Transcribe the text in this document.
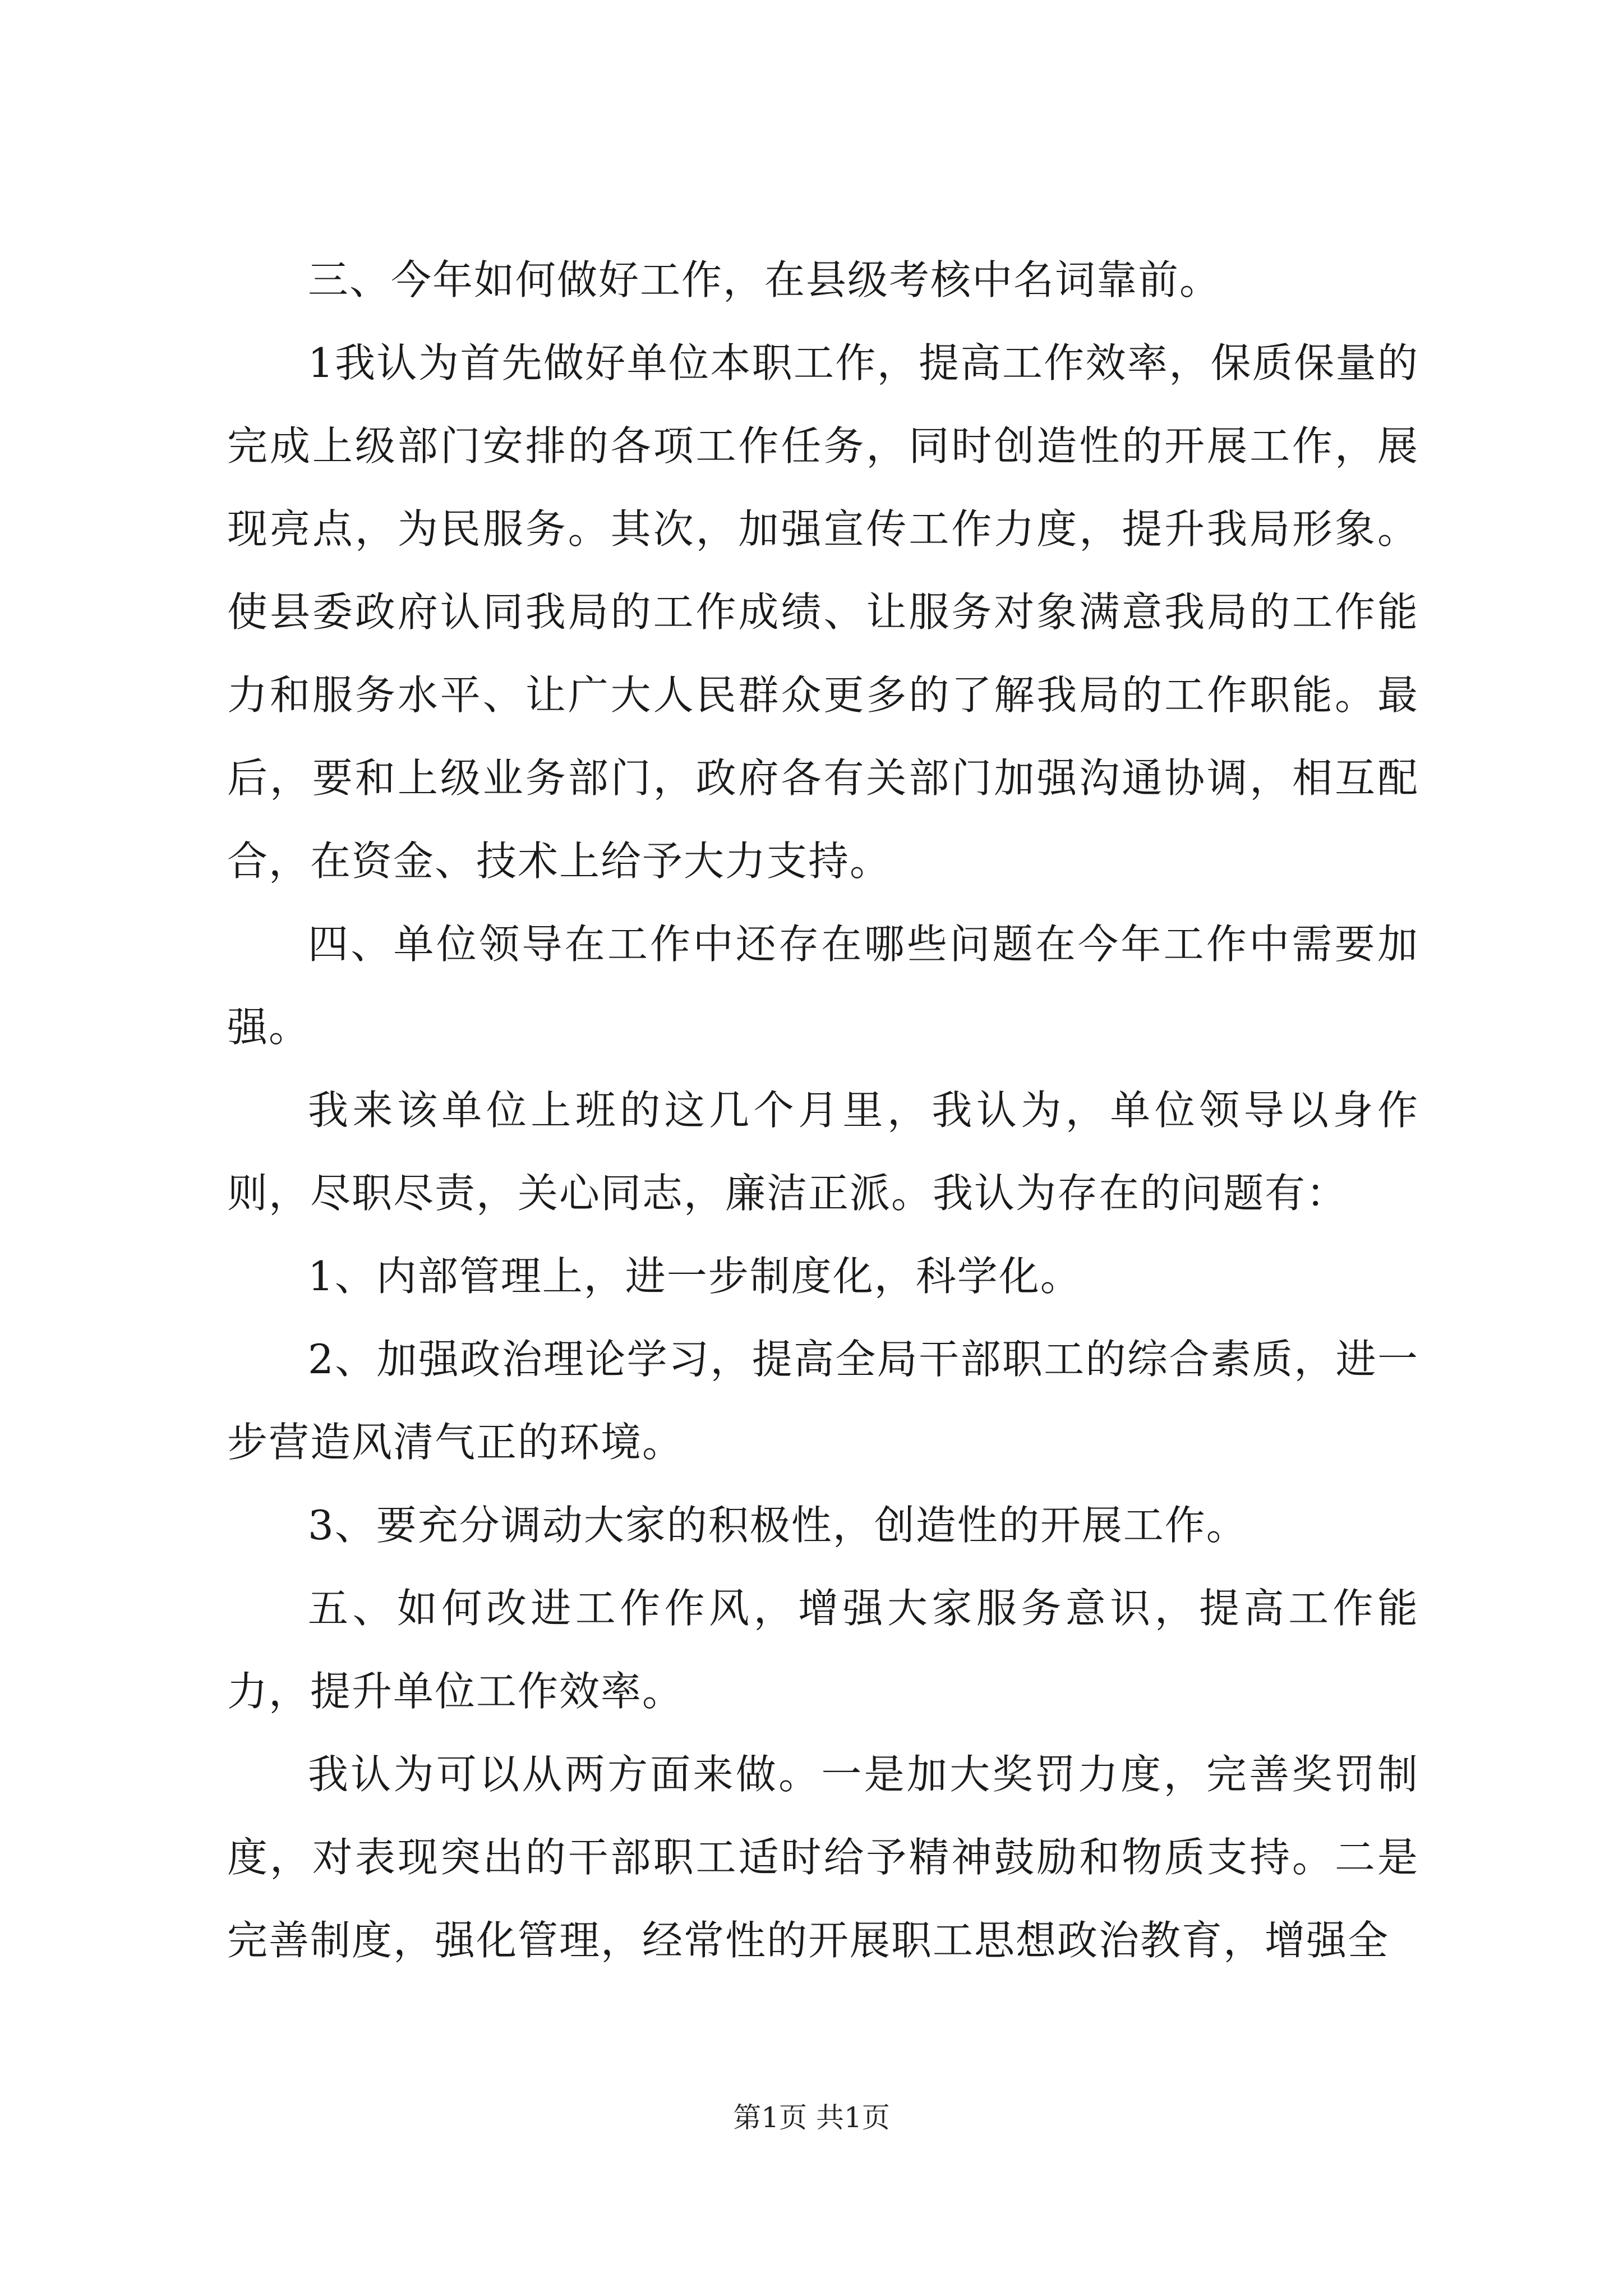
三、今年如何做好工作，在县级考核中名词靠前。

1我认为首先做好单位本职工作，提高工作效率，保质保量的完成上级部门安排的各项工作任务，同时创造性的开展工作，展现亮点，为民服务。其次，加强宣传工作力度，提升我局形象。使县委政府认同我局的工作成绩、让服务对象满意我局的工作能力和服务水平、让广大人民群众更多的了解我局的工作职能。最后，要和上级业务部门，政府各有关部门加强沟通协调，相互配合，在资金、技术上给予大力支持。

四、单位领导在工作中还存在哪些问题在今年工作中需要加强。

我来该单位上班的这几个月里，我认为，单位领导以身作则，尽职尽责，关心同志，廉洁正派。我认为存在的问题有：

1、内部管理上，进一步制度化，科学化。

2、加强政治理论学习，提高全局干部职工的综合素质，进一步营造风清气正的环境。

3、要充分调动大家的积极性，创造性的开展工作。

五、如何改进工作作风，增强大家服务意识，提高工作能力，提升单位工作效率。

我认为可以从两方面来做。一是加大奖罚力度，完善奖罚制度，对表现突出的干部职工适时给予精神鼓励和物质支持。二是完善制度，强化管理，经常性的开展职工思想政治教育，增强全

第1页 共1页
